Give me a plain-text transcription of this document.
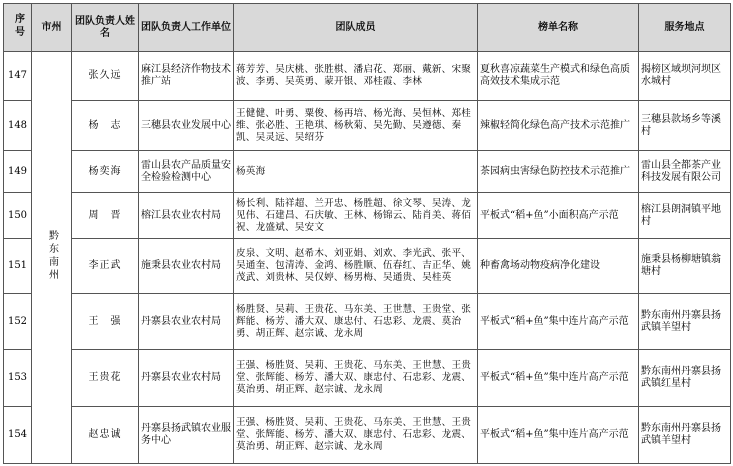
序号	市州	团队负责人姓名	团队负责人工作单位	团队成员	榜单名称	服务地点
147	黔东南州	张久远	麻江县经济作物技术推广站	蒋芳芳、吴庆桃、张胜棋、潘启花、郑丽、戴新、宋聚波、李勇、吴英勇、蒙开银、邓桂霞、李林	夏秋喜凉蔬菜生产模式和绿色高质高效技术集成示范	揭榜区域坝河坝区水城村
148		杨　志	三穗县农业发展中心	王健健、叶勇、粟俊、杨再培、杨光海、吴恒林、郑桂维、张必胜、王艳琪、杨秋菊、吴先勤、吴遵德、秦凯、吴灵远、吴绍芬	辣椒轻简化绿色高产技术示范推广	三穗县款场乡等溪村
149		杨奕海	雷山县农产品质量安全检验检测中心	杨英海	茶园病虫害绿色防控技术示范推广	雷山县全都茶产业科技发展有限公司
150		周　晋	榕江县农业农村局	杨长利、陆祥超、兰开忠、杨胜超、徐文琴、吴涛、龙见伟、石建昌、石庆敏、王林、杨锦云、陆肖美、蒋佰祝、龙盛斌、吴安文	平板式“稻+鱼”小面积高产示范	榕江县朗洞镇平地村
151		李正武	施秉县农业农村局	皮泉、文明、赵希木、刘亚娟、刘欢、李光武、张平、吴通奎、包清涛、金鸿、杨胜顺、伍春红、吉正华、姚茂武、刘贵林、吴仅婷、杨男梅、吴通贵、吴桂英	种畜禽场动物疫病净化建设	施秉县杨柳塘镇翁塘村
152		王　强	丹寨县农业农村局	杨胜贤、吴莉、王贵花、马东美、王世慧、王贵堂、张辉能、杨芳、潘大双、康忠付、石忠彩、龙震、莫治勇、胡正辉、赵宗诚、龙永周	平板式“稻+鱼”集中连片高产示范	黔东南州丹寨县扬武镇羊望村
153		王贵花	丹寨县农业农村局	王强、杨胜贤、吴莉、王贵花、马东美、王世慧、王贵堂、张辉能、杨芳、潘大双、康忠付、石忠彩、龙震、莫治勇、胡正辉、赵宗诚、龙永周	平板式“稻+鱼”集中连片高产示范	黔东南州丹寨县扬武镇红星村
154		赵忠诚	丹寨县扬武镇农业服务中心	王强、杨胜贤、吴莉、王贵花、马东美、王世慧、王贵堂、张辉能、杨芳、潘大双、康忠付、石忠彩、龙震、莫治勇、胡正辉、赵宗诚、龙永周	平板式“稻+鱼”集中连片高产示范	黔东南州丹寨县扬武镇羊望村
